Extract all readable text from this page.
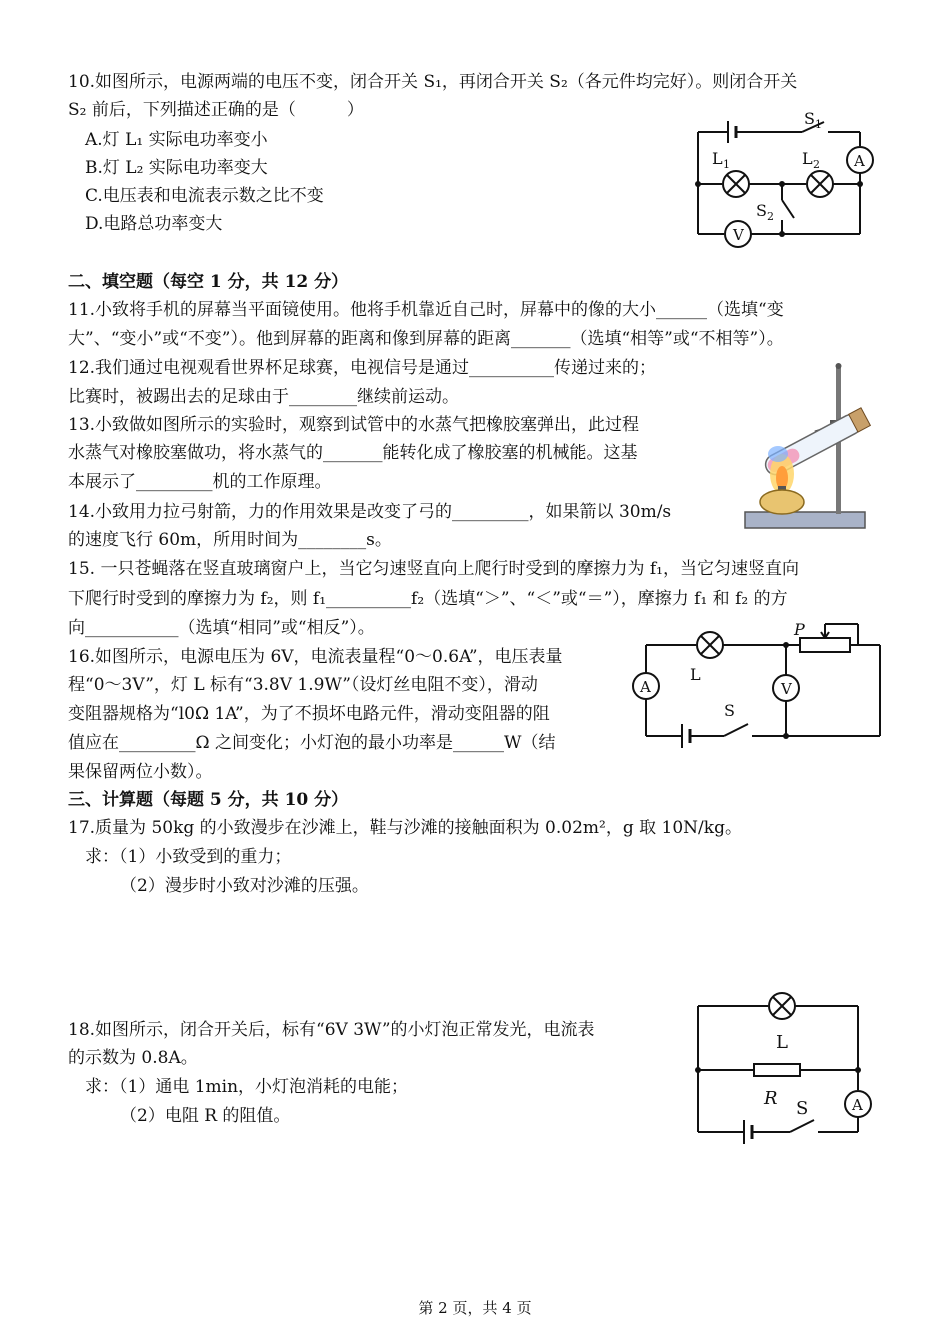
10.如图所示，电源两端的电压不变，闭合开关 S₁，再闭合开关 S₂（各元件均完好）。则闭合开关
S₂ 前后，下列描述正确的是（　　　）
A.灯 L₁ 实际电功率变小
B.灯 L₂ 实际电功率变大
C.电压表和电流表示数之比不变
D.电路总功率变大
S 1
L 1	L 2
S 2
A
V
二、填空题（每空 1 分，共 12 分）
11.小致将手机的屏幕当平面镜使用。他将手机靠近自己时，屏幕中的像的大小______（选填“变
大”、“变小”或“不变”）。他到屏幕的距离和像到屏幕的距离_______（选填“相等”或“不相等”）。
12.我们通过电视观看世界杯足球赛，电视信号是通过__________传递过来的；
比赛时，被踢出去的足球由于________继续前运动。
13.小致做如图所示的实验时，观察到试管中的水蒸气把橡胶塞弹出，此过程
水蒸气对橡胶塞做功，将水蒸气的_______能转化成了橡胶塞的机械能。这基
本展示了_________机的工作原理。
14.小致用力拉弓射箭，力的作用效果是改变了弓的_________，如果箭以 30m/s
的速度飞行 60m，所用时间为________s。
15. 一只苍蝇落在竖直玻璃窗户上，当它匀速竖直向上爬行时受到的摩擦力为 f₁，当它匀速竖直向
下爬行时受到的摩擦力为 f₂，则 f₁__________f₂（选填“＞”、“＜”或“＝”），摩擦力 f₁ 和 f₂ 的方
向___________（选填“相同”或“相反”）。
16.如图所示，电源电压为 6V，电流表量程“0～0.6A”，电压表量
程“0～3V”，灯 L 标有“3.8V 1.9W”（设灯丝电阻不变），滑动
变阻器规格为“l0Ω 1A”，为了不损坏电路元件，滑动变阻器的阻
值应在_________Ω 之间变化；小灯泡的最小功率是______W（结
果保留两位小数）。
P
L
S
A	V
三、计算题（每题 5 分，共 10 分）
17.质量为 50kg 的小致漫步在沙滩上，鞋与沙滩的接触面积为 0.02m²，g 取 10N/kg。
求：（1）小致受到的重力；
（2）漫步时小致对沙滩的压强。
18.如图所示，闭合开关后，标有“6V 3W”的小灯泡正常发光，电流表
的示数为 0.8A。
求：（1）通电 1min，小灯泡消耗的电能；
（2）电阻 R 的阻值。
L
R S	A
第 2 页，共 4 页
